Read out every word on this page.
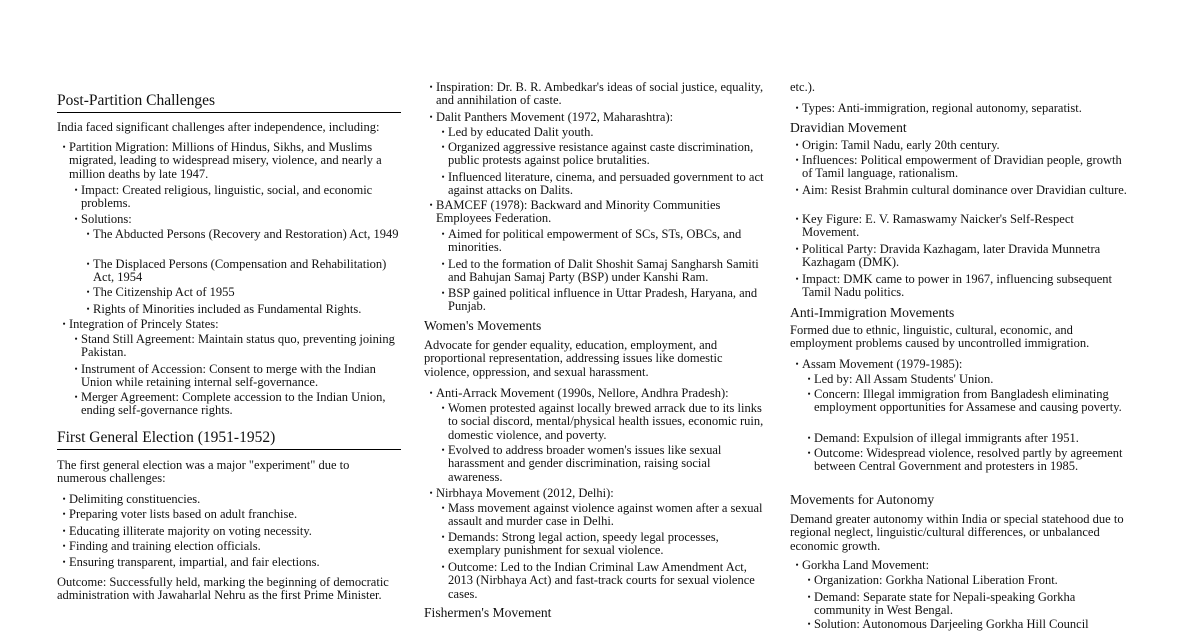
Post-Partition Challenges
India faced significant challenges after independence, including:
• Partition Migration: Millions of Hindus, Sikhs, and Muslims migrated, leading to widespread misery, violence, and nearly a million deaths by late 1947.
• Impact: Created religious, linguistic, social, and economic problems.
• Solutions:
• The Abducted Persons (Recovery and Restoration) Act, 1949
• The Displaced Persons (Compensation and Rehabilitation) Act, 1954
• The Citizenship Act of 1955
• Rights of Minorities included as Fundamental Rights.
• Integration of Princely States:
• Stand Still Agreement: Maintain status quo, preventing joining Pakistan.
• Instrument of Accession: Consent to merge with the Indian Union while retaining internal self-governance.
• Merger Agreement: Complete accession to the Indian Union, ending self-governance rights.
First General Election (1951-1952)
The first general election was a major "experiment" due to numerous challenges:
• Delimiting constituencies.
• Preparing voter lists based on adult franchise.
• Educating illiterate majority on voting necessity.
• Finding and training election officials.
• Ensuring transparent, impartial, and fair elections.
Outcome: Successfully held, marking the beginning of democratic administration with Jawaharlal Nehru as the first Prime Minister.
• Inspiration: Dr. B. R. Ambedkar's ideas of social justice, equality, and annihilation of caste.
• Dalit Panthers Movement (1972, Maharashtra):
• Led by educated Dalit youth.
• Organized aggressive resistance against caste discrimination, public protests against police brutalities.
• Influenced literature, cinema, and persuaded government to act against attacks on Dalits.
• BAMCEF (1978): Backward and Minority Communities Employees Federation.
• Aimed for political empowerment of SCs, STs, OBCs, and minorities.
• Led to the formation of Dalit Shoshit Samaj Sangharsh Samiti and Bahujan Samaj Party (BSP) under Kanshi Ram.
• BSP gained political influence in Uttar Pradesh, Haryana, and Punjab.
Women's Movements
Advocate for gender equality, education, employment, and proportional representation, addressing issues like domestic violence, oppression, and sexual harassment.
• Anti-Arrack Movement (1990s, Nellore, Andhra Pradesh):
• Women protested against locally brewed arrack due to its links to social discord, mental/physical health issues, economic ruin, domestic violence, and poverty.
• Evolved to address broader women's issues like sexual harassment and gender discrimination, raising social awareness.
• Nirbhaya Movement (2012, Delhi):
• Mass movement against violence against women after a sexual assault and murder case in Delhi.
• Demands: Strong legal action, speedy legal processes, exemplary punishment for sexual violence.
• Outcome: Led to the Indian Criminal Law Amendment Act, 2013 (Nirbhaya Act) and fast-track courts for sexual violence cases.
Fishermen's Movement
etc.).
• Types: Anti-immigration, regional autonomy, separatist.
Dravidian Movement
• Origin: Tamil Nadu, early 20th century.
• Influences: Political empowerment of Dravidian people, growth of Tamil language, rationalism.
• Aim: Resist Brahmin cultural dominance over Dravidian culture.
• Key Figure: E. V. Ramaswamy Naicker's Self-Respect Movement.
• Political Party: Dravida Kazhagam, later Dravida Munnetra Kazhagam (DMK).
• Impact: DMK came to power in 1967, influencing subsequent Tamil Nadu politics.
Anti-Immigration Movements
Formed due to ethnic, linguistic, cultural, economic, and employment problems caused by uncontrolled immigration.
• Assam Movement (1979-1985):
• Led by: All Assam Students' Union.
• Concern: Illegal immigration from Bangladesh eliminating employment opportunities for Assamese and causing poverty.
• Demand: Expulsion of illegal immigrants after 1951.
• Outcome: Widespread violence, resolved partly by agreement between Central Government and protesters in 1985.
Movements for Autonomy
Demand greater autonomy within India or special statehood due to regional neglect, linguistic/cultural differences, or unbalanced economic growth.
• Gorkha Land Movement:
• Organization: Gorkha National Liberation Front.
• Demand: Separate state for Nepali-speaking Gorkha community in West Bengal.
• Solution: Autonomous Darjeeling Gorkha Hill Council
